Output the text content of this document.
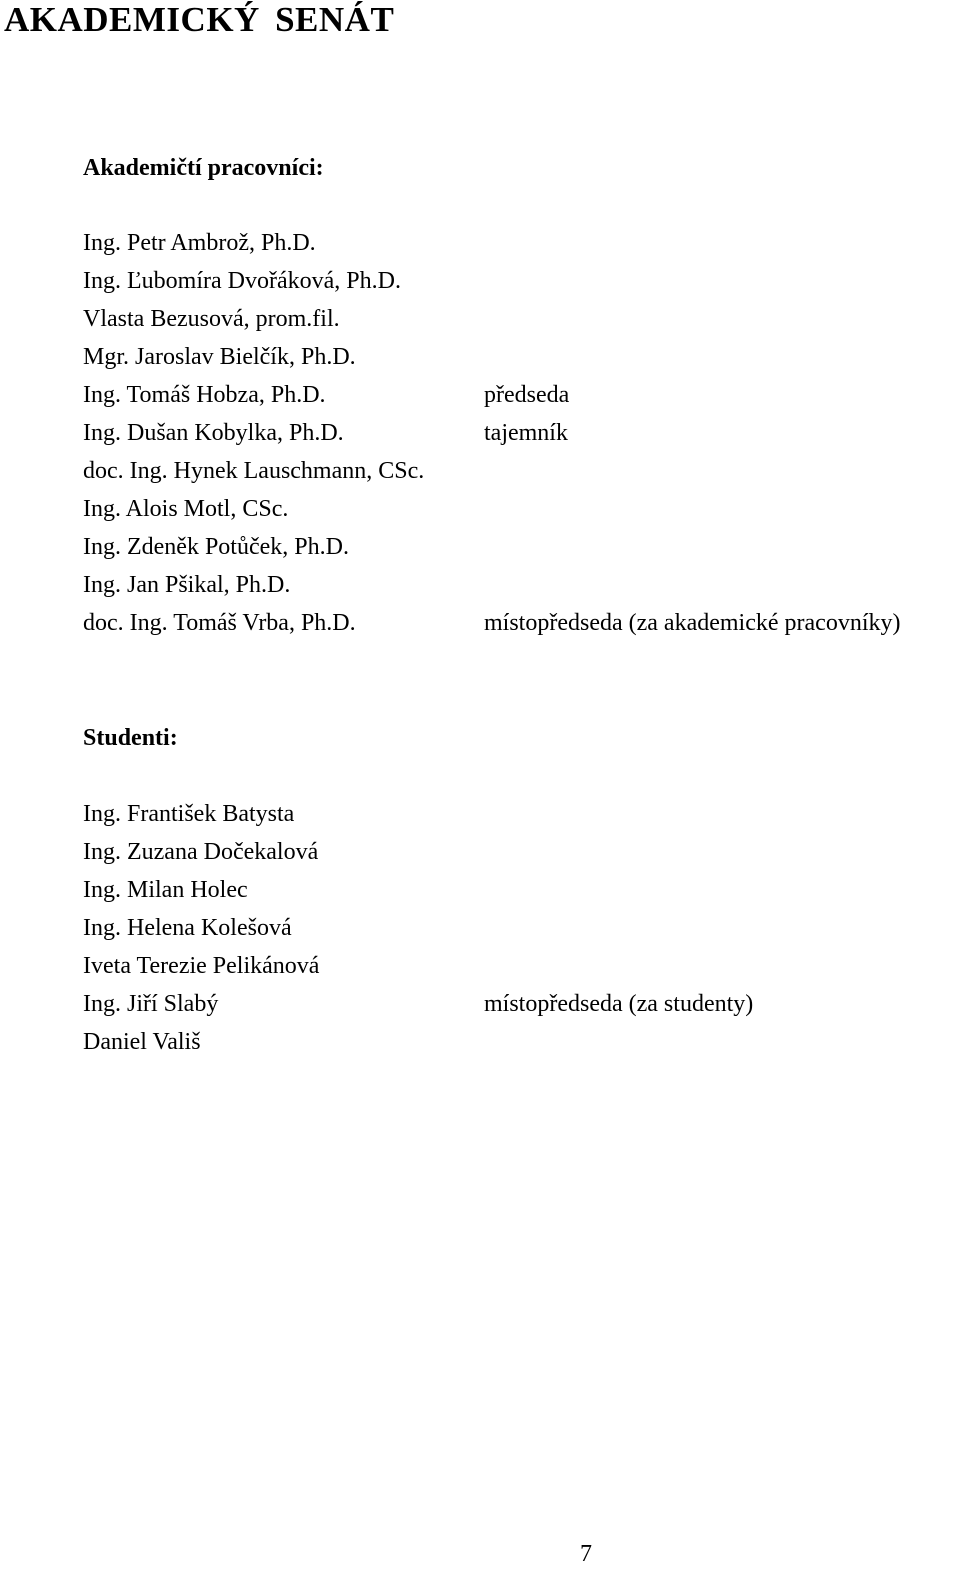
AKADEMICKÝ SENÁT
Akademičtí pracovníci:
Ing. Petr Ambrož, Ph.D.
Ing. Ľubomíra Dvořáková, Ph.D.
Vlasta Bezusová, prom.fil.
Mgr. Jaroslav Bielčík, Ph.D.
Ing. Tomáš Hobza, Ph.D.	předseda
Ing. Dušan Kobylka, Ph.D.	tajemník
doc. Ing. Hynek Lauschmann, CSc.
Ing. Alois Motl, CSc.
Ing. Zdeněk Potůček, Ph.D.
Ing. Jan Pšikal, Ph.D.
doc. Ing. Tomáš Vrba, Ph.D.	místopředseda (za akademické pracovníky)
Studenti:
Ing. František Batysta
Ing. Zuzana Dočekalová
Ing. Milan Holec
Ing. Helena Kolešová
Iveta Terezie Pelikánová
Ing. Jiří Slabý	místopředseda (za studenty)
Daniel Vališ
7
